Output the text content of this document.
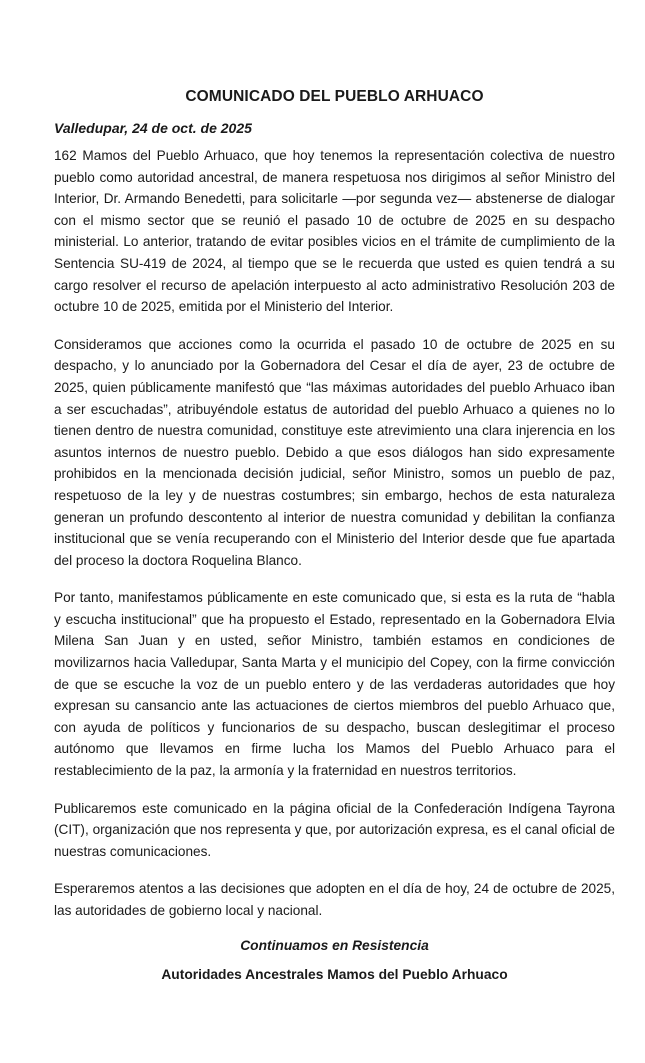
COMUNICADO DEL PUEBLO ARHUACO

Valledupar, 24 de oct. de 2025

162 Mamos del Pueblo Arhuaco, que hoy tenemos la representación colectiva de nuestro pueblo como autoridad ancestral, de manera respetuosa nos dirigimos al señor Ministro del Interior, Dr. Armando Benedetti, para solicitarle —por segunda vez— abstenerse de dialogar con el mismo sector que se reunió el pasado 10 de octubre de 2025 en su despacho ministerial. Lo anterior, tratando de evitar posibles vicios en el trámite de cumplimiento de la Sentencia SU-419 de 2024, al tiempo que se le recuerda que usted es quien tendrá a su cargo resolver el recurso de apelación interpuesto al acto administrativo Resolución 203 de octubre 10 de 2025, emitida por el Ministerio del Interior.

Consideramos que acciones como la ocurrida el pasado 10 de octubre de 2025 en su despacho, y lo anunciado por la Gobernadora del Cesar el día de ayer, 23 de octubre de 2025, quien públicamente manifestó que “las máximas autoridades del pueblo Arhuaco iban a ser escuchadas”, atribuyéndole estatus de autoridad del pueblo Arhuaco a quienes no lo tienen dentro de nuestra comunidad, constituye este atrevimiento una clara injerencia en los asuntos internos de nuestro pueblo. Debido a que esos diálogos han sido expresamente prohibidos en la mencionada decisión judicial, señor Ministro, somos un pueblo de paz, respetuoso de la ley y de nuestras costumbres; sin embargo, hechos de esta naturaleza generan un profundo descontento al interior de nuestra comunidad y debilitan la confianza institucional que se venía recuperando con el Ministerio del Interior desde que fue apartada del proceso la doctora Roquelina Blanco.

Por tanto, manifestamos públicamente en este comunicado que, si esta es la ruta de “habla y escucha institucional” que ha propuesto el Estado, representado en la Gobernadora Elvia Milena San Juan y en usted, señor Ministro, también estamos en condiciones de movilizarnos hacia Valledupar, Santa Marta y el municipio del Copey, con la firme convicción de que se escuche la voz de un pueblo entero y de las verdaderas autoridades que hoy expresan su cansancio ante las actuaciones de ciertos miembros del pueblo Arhuaco que, con ayuda de políticos y funcionarios de su despacho, buscan deslegitimar el proceso autónomo que llevamos en firme lucha los Mamos del Pueblo Arhuaco para el restablecimiento de la paz, la armonía y la fraternidad en nuestros territorios.

Publicaremos este comunicado en la página oficial de la Confederación Indígena Tayrona (CIT), organización que nos representa y que, por autorización expresa, es el canal oficial de nuestras comunicaciones.

Esperaremos atentos a las decisiones que adopten en el día de hoy, 24 de octubre de 2025, las autoridades de gobierno local y nacional.

Continuamos en Resistencia

Autoridades Ancestrales Mamos del Pueblo Arhuaco
